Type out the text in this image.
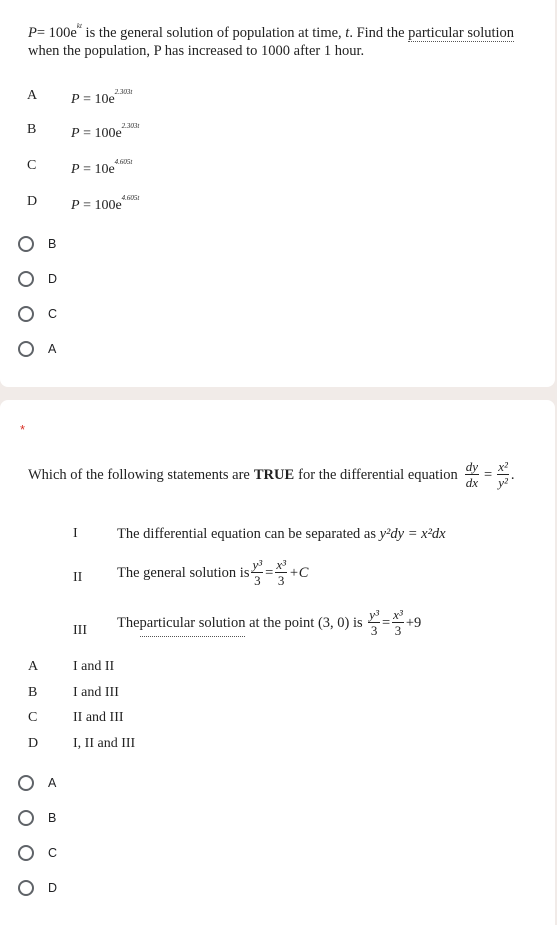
$P= 100e^{kt}$ is the general solution of population at time, t. Find the particular solution
when the population, P has increased to 1000 after 1 hour.
A $P = 10e^{2.303t}$
B $P = 100e^{2.303t}$
C $P = 10e^{4.605t}$
D $P = 100e^{4.605t}$
B
D
C
A
*
Which of the following statements are TRUE for the differential equation $\frac{dy}{dx} = \frac{\text{x²}}{\text{y²}}$ .
I	The differential equation can be separated as y²dy = x²dx
II The general solution is $\frac{\text{y³}}{3} = \frac{\text{x³}}{3} +C$
III The particular solution at the point (3, 0) is $\frac{\text{y³}}{3} = \frac{\text{x³}}{3} +9$
A I and II
B	I and III
C	II and III
D I, II and III
A
B
C
D
